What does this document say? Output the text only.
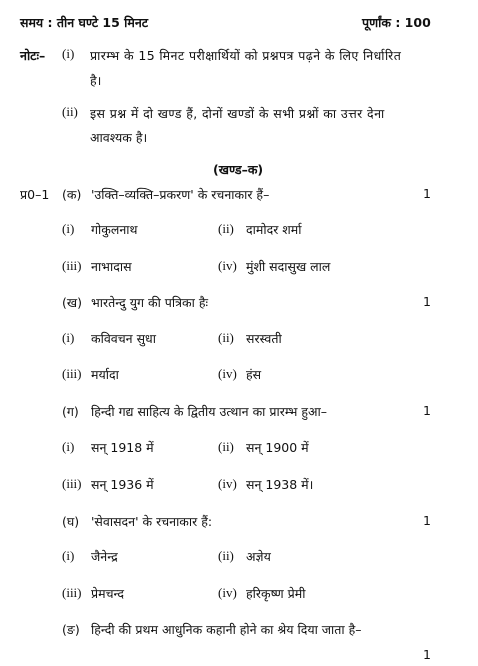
समय : तीन घण्टे 15 मिनट	पूर्णांक : 100
नोटः– (i) प्रारम्भ के 15 मिनट परीक्षार्थियों को प्रश्नपत्र पढ़ने के लिए निर्धारित
है।
(ii) इस प्रश्न में दो खण्ड हैं, दोनों खण्डों के सभी प्रश्नों का उत्तर देना
आवश्यक है।
(खण्ड–क)
प्र0–1 (क) 'उक्ति–व्यक्ति–प्रकरण' के रचनाकार हैं–	1
(i) गोकुलनाथ	(ii) दामोदर शर्मा
(iii) नाभादास	(iv) मुंशी सदासुख लाल
(ख) भारतेन्दु युग की पत्रिका हैः	1
(i) कविवचन सुधा	(ii) सरस्वती
(iii) मर्यादा	(iv) हंस
(ग) हिन्दी गद्य साहित्य के द्वितीय उत्थान का प्रारम्भ हुआ–	1
(i) सन् 1918 में	(ii) सन् 1900 में
(iii) सन् 1936 में	(iv) सन् 1938 में।
(घ) 'सेवासदन' के रचनाकार हैं:	1
(i) जैनेन्द्र	(ii) अज्ञेय
(iii) प्रेमचन्द	(iv) हरिकृष्ण प्रेमी
(ङ) हिन्दी की प्रथम आधुनिक कहानी होने का श्रेय दिया जाता है–
1
